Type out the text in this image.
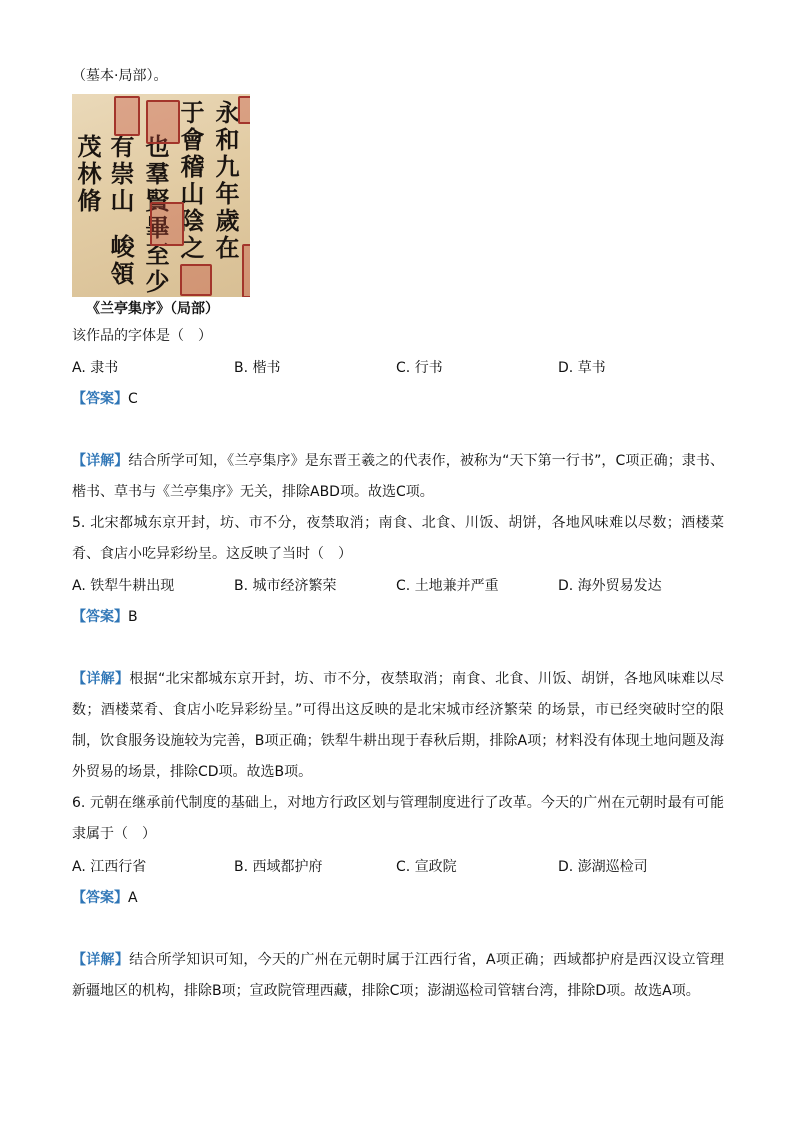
（墓本·局部）。
永和九年歲在
于會稽山陰之
也羣賢畢至少
有崇山
峻領
茂林脩
《兰亭集序》（局部）
该作品的字体是（　）
A. 隶书	B. 楷书	C. 行书	D. 草书
【答案】C
【详解】结合所学可知，《兰亭集序》是东晋王羲之的代表作，被称为“天下第一行书”，C项正确；隶书、楷书、草书与《兰亭集序》无关，排除ABD项。故选C项。
5. 北宋都城东京开封，坊、市不分，夜禁取消；南食、北食、川饭、胡饼，各地风味难以尽数；酒楼菜肴、食店小吃异彩纷呈。这反映了当时（　）
A. 铁犁牛耕出现	B. 城市经济繁荣	C. 土地兼并严重	D. 海外贸易发达
【答案】B
【详解】根据“北宋都城东京开封，坊、市不分，夜禁取消；南食、北食、川饭、胡饼，各地风味难以尽数；酒楼菜肴、食店小吃异彩纷呈。”可得出这反映的是北宋城市经济繁荣 的场景，市已经突破时空的限制，饮食服务设施较为完善，B项正确；铁犁牛耕出现于春秋后期，排除A项；材料没有体现土地问题及海外贸易的场景，排除CD项。故选B项。
6. 元朝在继承前代制度的基础上，对地方行政区划与管理制度进行了改革。今天的广州在元朝时最有可能隶属于（　）
A. 江西行省	B. 西域都护府	C. 宣政院	D. 澎湖巡检司
【答案】A
【详解】结合所学知识可知，今天的广州在元朝时属于江西行省，A项正确；西域都护府是西汉设立管理新疆地区的机构，排除B项；宣政院管理西藏，排除C项；澎湖巡检司管辖台湾，排除D项。故选A项。
